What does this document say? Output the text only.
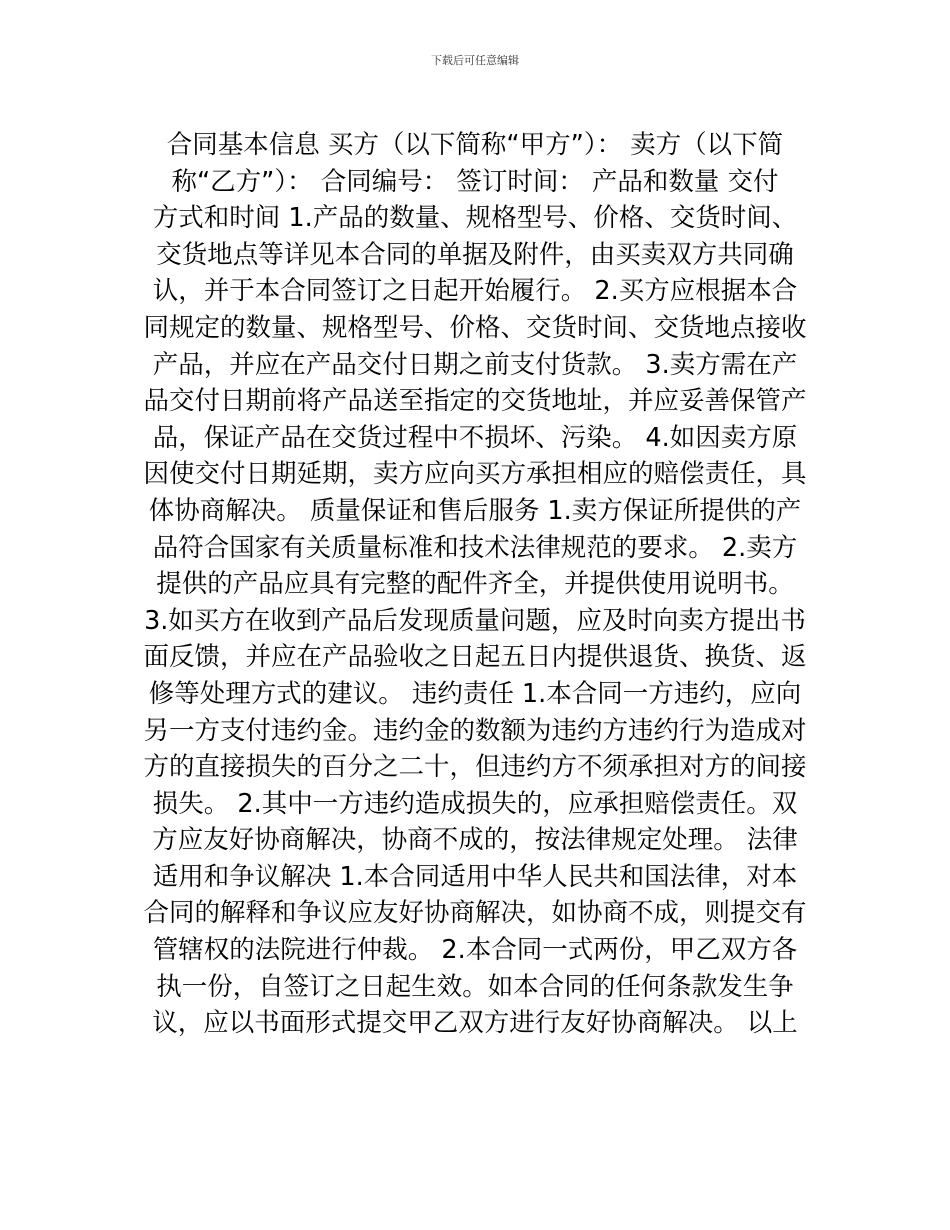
下载后可任意编辑
合同基本信息 买方（以下简称“甲方”）： 卖方（以下简
称“乙方”）： 合同编号： 签订时间： 产品和数量 交付
方式和时间 1.产品的数量、规格型号、价格、交货时间、
交货地点等详见本合同的单据及附件，由买卖双方共同确
认，并于本合同签订之日起开始履行。 2.买方应根据本合
同规定的数量、规格型号、价格、交货时间、交货地点接收
产品，并应在产品交付日期之前支付货款。 3.卖方需在产
品交付日期前将产品送至指定的交货地址，并应妥善保管产
品，保证产品在交货过程中不损坏、污染。 4.如因卖方原
因使交付日期延期，卖方应向买方承担相应的赔偿责任，具
体协商解决。 质量保证和售后服务 1.卖方保证所提供的产
品符合国家有关质量标准和技术法律规范的要求。 2.卖方
提供的产品应具有完整的配件齐全，并提供使用说明书。
3.如买方在收到产品后发现质量问题，应及时向卖方提出书
面反馈，并应在产品验收之日起五日内提供退货、换货、返
修等处理方式的建议。 违约责任 1.本合同一方违约，应向
另一方支付违约金。违约金的数额为违约方违约行为造成对
方的直接损失的百分之二十，但违约方不须承担对方的间接
损失。 2.其中一方违约造成损失的，应承担赔偿责任。双
方应友好协商解决，协商不成的，按法律规定处理。 法律
适用和争议解决 1.本合同适用中华人民共和国法律，对本
合同的解释和争议应友好协商解决，如协商不成，则提交有
管辖权的法院进行仲裁。 2.本合同一式两份，甲乙双方各
执一份，自签订之日起生效。如本合同的任何条款发生争
议，应以书面形式提交甲乙双方进行友好协商解决。 以上
